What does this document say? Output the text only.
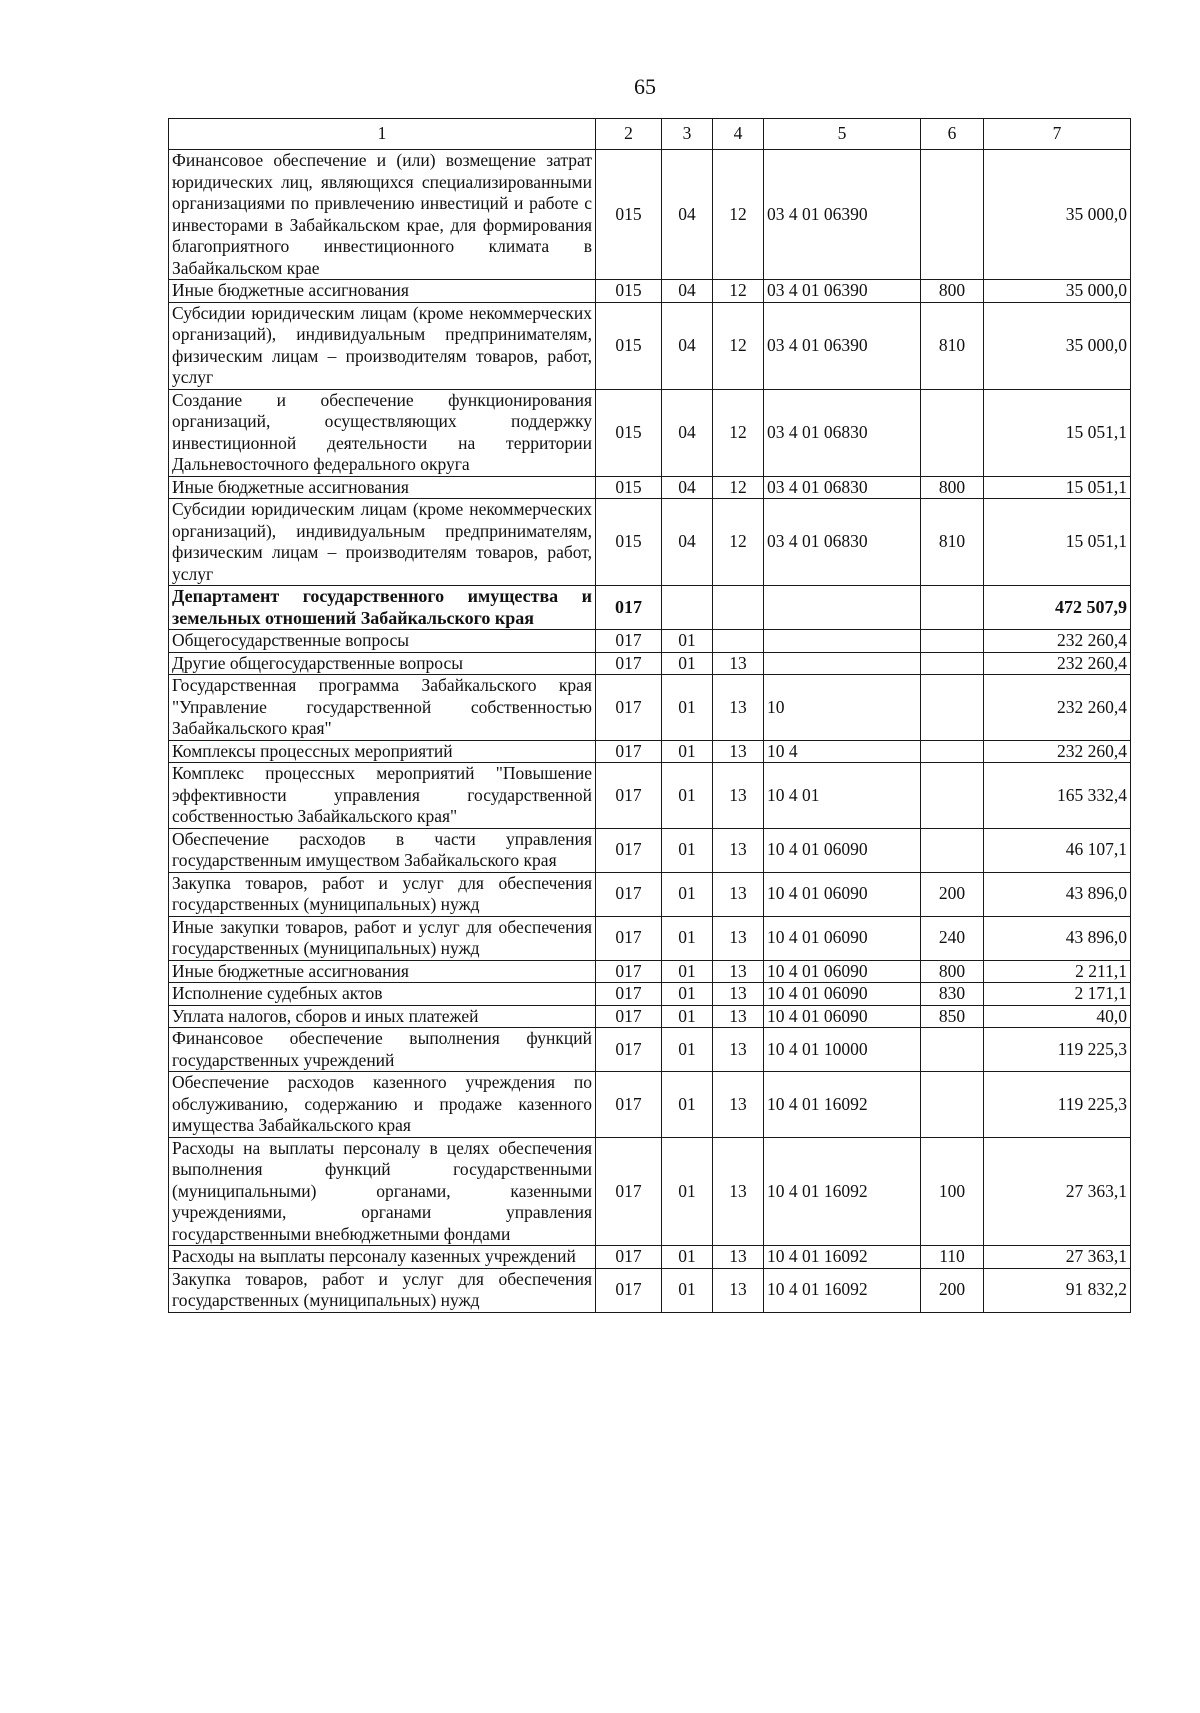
65
1	2	3	4	5	6	7
Финансовое обеспечение и (или) возмещение затрат юридических лиц, являющихся специализированными организациями по привлечению инвестиций и работе с инвесторами в Забайкальском крае, для формирования благоприятного инвестиционного климата в Забайкальском крае	015	04	12	03 4 01 06390		35 000,0
Иные бюджетные ассигнования	015	04	12	03 4 01 06390	800	35 000,0
Субсидии юридическим лицам (кроме некоммерческих организаций), индивидуальным предпринимателям, физическим лицам – производителям товаров, работ, услуг	015	04	12	03 4 01 06390	810	35 000,0
Создание и обеспечение функционирования организаций, осуществляющих поддержку инвестиционной деятельности на территории Дальневосточного федерального округа	015	04	12	03 4 01 06830		15 051,1
Иные бюджетные ассигнования	015	04	12	03 4 01 06830	800	15 051,1
Субсидии юридическим лицам (кроме некоммерческих организаций), индивидуальным предпринимателям, физическим лицам – производителям товаров, работ, услуг	015	04	12	03 4 01 06830	810	15 051,1
Департамент государственного имущества и земельных отношений Забайкальского края	017					472 507,9
Общегосударственные вопросы	017	01				232 260,4
Другие общегосударственные вопросы	017	01	13			232 260,4
Государственная программа Забайкальского края "Управление государственной собственностью Забайкальского края"	017	01	13	10		232 260,4
Комплексы процессных мероприятий	017	01	13	10 4		232 260,4
Комплекс процессных мероприятий "Повышение эффективности управления государственной собственностью Забайкальского края"	017	01	13	10 4 01		165 332,4
Обеспечение расходов в части управления государственным имуществом Забайкальского края	017	01	13	10 4 01 06090		46 107,1
Закупка товаров, работ и услуг для обеспечения государственных (муниципальных) нужд	017	01	13	10 4 01 06090	200	43 896,0
Иные закупки товаров, работ и услуг для обеспечения государственных (муниципальных) нужд	017	01	13	10 4 01 06090	240	43 896,0
Иные бюджетные ассигнования	017	01	13	10 4 01 06090	800	2 211,1
Исполнение судебных актов	017	01	13	10 4 01 06090	830	2 171,1
Уплата налогов, сборов и иных платежей	017	01	13	10 4 01 06090	850	40,0
Финансовое обеспечение выполнения функций государственных учреждений	017	01	13	10 4 01 10000		119 225,3
Обеспечение расходов казенного учреждения по обслуживанию, содержанию и продаже казенного имущества Забайкальского края	017	01	13	10 4 01 16092		119 225,3
Расходы на выплаты персоналу в целях обеспечения выполнения функций государственными (муниципальными) органами, казенными учреждениями, органами управления государственными внебюджетными фондами	017	01	13	10 4 01 16092	100	27 363,1
Расходы на выплаты персоналу казенных учреждений	017	01	13	10 4 01 16092	110	27 363,1
Закупка товаров, работ и услуг для обеспечения государственных (муниципальных) нужд	017	01	13	10 4 01 16092	200	91 832,2
